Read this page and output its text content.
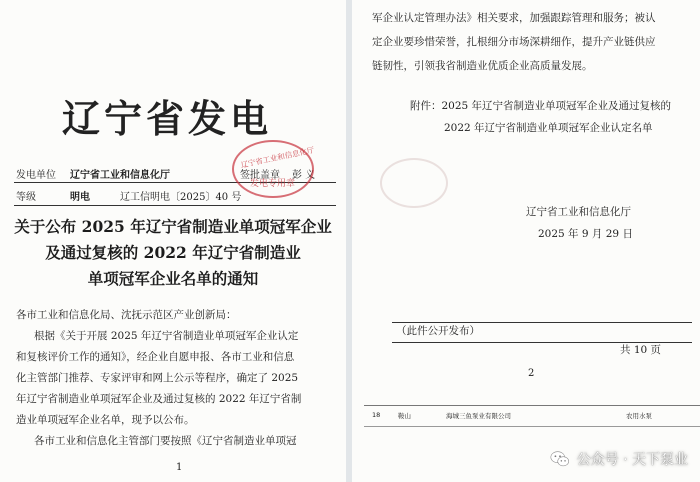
辽宁省发电
发电单位 辽宁省工业和信息化厅	签批盖章 彭 义
等级	明电	辽工信明电〔2025〕40 号
辽宁省工业和信息化厅
发电专用章
关于公布 2025 年辽宁省制造业单项冠军企业
及通过复核的 2022 年辽宁省制造业
单项冠军企业名单的通知
各市工业和信息化局、沈抚示范区产业创新局：
根据《关于开展 2025 年辽宁省制造业单项冠军企业认定
和复核评价工作的通知》，经企业自愿申报、各市工业和信息
化主管部门推荐、专家评审和网上公示等程序，确定了 2025
年辽宁省制造业单项冠军企业及通过复核的 2022 年辽宁省制
造业单项冠军企业名单，现予以公布。
各市工业和信息化主管部门要按照《辽宁省制造业单项冠
1
军企业认定管理办法》相关要求，加强跟踪管理和服务；被认
定企业要珍惜荣誉，扎根细分市场深耕细作，提升产业链供应
链韧性，引领我省制造业优质企业高质量发展。
附件：2025 年辽宁省制造业单项冠军企业及通过复核的
2022 年辽宁省制造业单项冠军企业认定名单
辽宁省工业和信息化厅
2025 年 9 月 29 日
（此件公开发布）
共 10 页
2
18	鞍山	海城三鱼泵业有限公司	农用水泵
公众号 · 天下泵业
